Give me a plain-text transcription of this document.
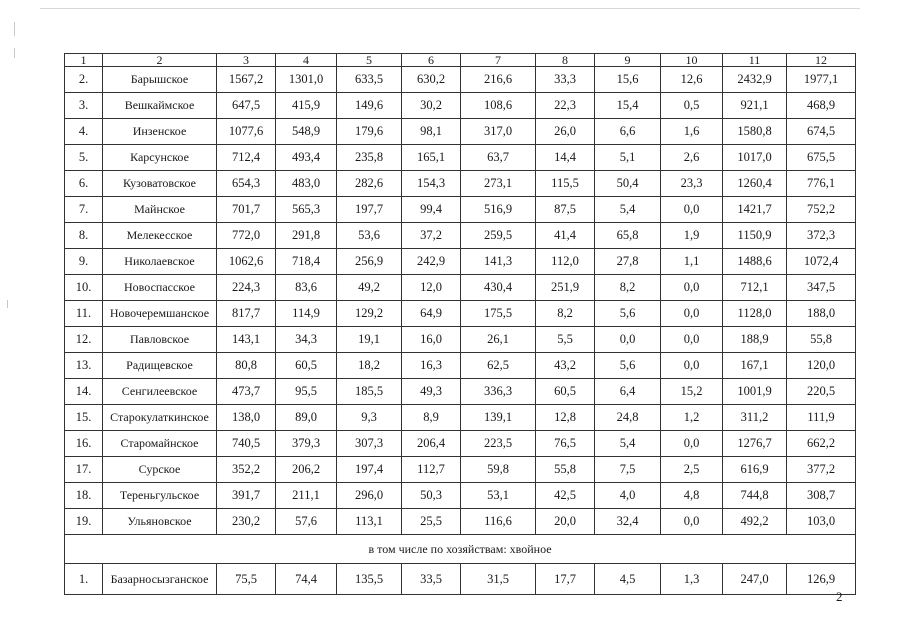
1	2	3	4	5	6	7	8	9	10	11	12
2.	Барышское	1567,2	1301,0	633,5	630,2	216,6	33,3	15,6	12,6	2432,9	1977,1
3.	Вешкаймское	647,5	415,9	149,6	30,2	108,6	22,3	15,4	0,5	921,1	468,9
4.	Инзенское	1077,6	548,9	179,6	98,1	317,0	26,0	6,6	1,6	1580,8	674,5
5.	Карсунское	712,4	493,4	235,8	165,1	63,7	14,4	5,1	2,6	1017,0	675,5
6.	Кузоватовское	654,3	483,0	282,6	154,3	273,1	115,5	50,4	23,3	1260,4	776,1
7.	Майнское	701,7	565,3	197,7	99,4	516,9	87,5	5,4	0,0	1421,7	752,2
8.	Мелекесское	772,0	291,8	53,6	37,2	259,5	41,4	65,8	1,9	1150,9	372,3
9.	Николаевское	1062,6	718,4	256,9	242,9	141,3	112,0	27,8	1,1	1488,6	1072,4
10.	Новоспасское	224,3	83,6	49,2	12,0	430,4	251,9	8,2	0,0	712,1	347,5
11.	Новочеремшанское	817,7	114,9	129,2	64,9	175,5	8,2	5,6	0,0	1128,0	188,0
12.	Павловское	143,1	34,3	19,1	16,0	26,1	5,5	0,0	0,0	188,9	55,8
13.	Радищевское	80,8	60,5	18,2	16,3	62,5	43,2	5,6	0,0	167,1	120,0
14.	Сенгилеевское	473,7	95,5	185,5	49,3	336,3	60,5	6,4	15,2	1001,9	220,5
15.	Старокулаткинское	138,0	89,0	9,3	8,9	139,1	12,8	24,8	1,2	311,2	111,9
16.	Старомайнское	740,5	379,3	307,3	206,4	223,5	76,5	5,4	0,0	1276,7	662,2
17.	Сурское	352,2	206,2	197,4	112,7	59,8	55,8	7,5	2,5	616,9	377,2
18.	Тереньгульское	391,7	211,1	296,0	50,3	53,1	42,5	4,0	4,8	744,8	308,7
19.	Ульяновское	230,2	57,6	113,1	25,5	116,6	20,0	32,4	0,0	492,2	103,0
в том числе по хозяйствам: хвойное											
1.	Базарносызганское	75,5	74,4	135,5	33,5	31,5	17,7	4,5	1,3	247,0	126,9
2
